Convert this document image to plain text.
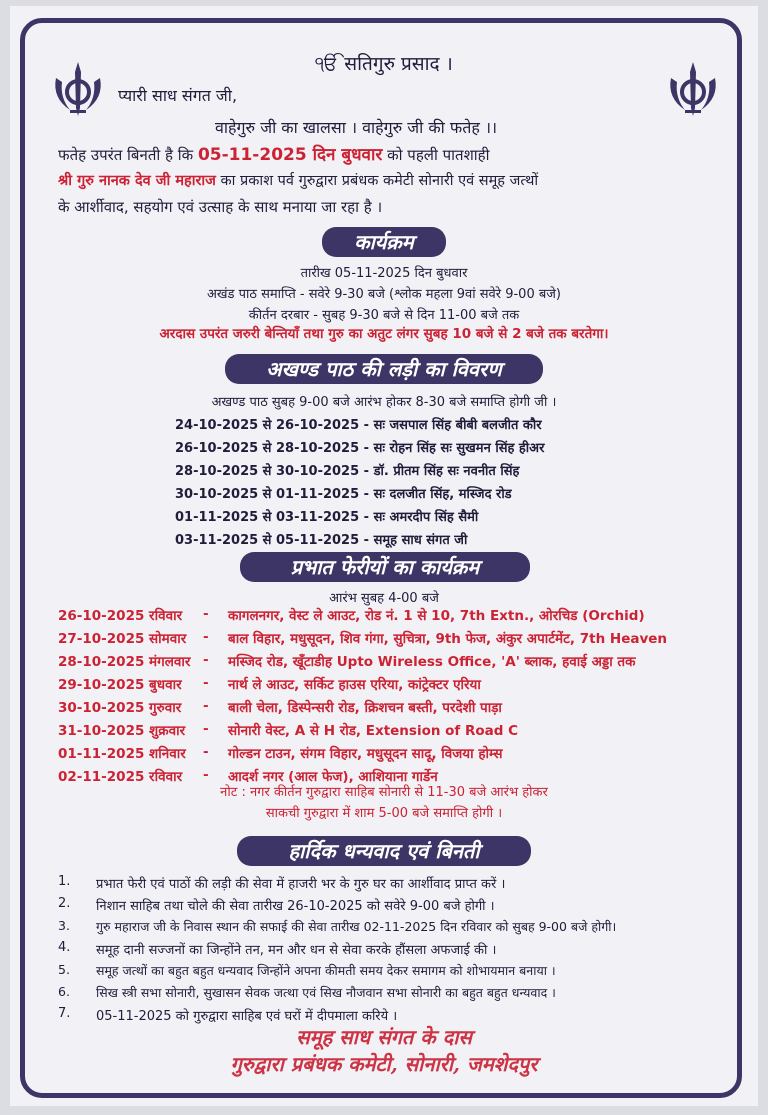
ੴ सतिगुरु प्रसाद ।
प्यारी साध संगत जी,
वाहेगुरु जी का खालसा । वाहेगुरु जी की फतेह ।।
फतेह उपरंत बिनती है कि 05-11-2025 दिन बुधवार को पहली पातशाही
श्री गुरु नानक देव जी महाराज का प्रकाश पर्व गुरुद्वारा प्रबंधक कमेटी सोनारी एवं समूह जत्थों
के आर्शीवाद, सहयोग एवं उत्साह के साथ मनाया जा रहा है ।
कार्यक्रम
तारीख 05-11-2025 दिन बुधवार
अखंड पाठ समाप्ति - सवेरे 9-30 बजे (श्लोक महला 9वां सवेरे 9-00 बजे)
कीर्तन दरबार - सुबह 9-30 बजे से दिन 11-00 बजे तक
अरदास उपरंत जरुरी बेन्तियाँ तथा गुरु का अतुट लंगर सुबह 10 बजे से 2 बजे तक बरतेगा।
अखण्ड पाठ की लड़ी का विवरण
अखण्ड पाठ सुबह 9-00 बजे आरंभ होकर 8-30 बजे समाप्ति होगी जी ।
24-10-2025 से 26-10-2025 - सः जसपाल सिंह बीबी बलजीत कौर
26-10-2025 से 28-10-2025 - सः रोहन सिंह सः सुखमन सिंह हीअर
28-10-2025 से 30-10-2025 - डॉ. प्रीतम सिंह सः नवनीत सिंह
30-10-2025 से 01-11-2025 - सः दलजीत सिंह, मस्जिद रोड
01-11-2025 से 03-11-2025 - सः अमरदीप सिंह सैमी
03-11-2025 से 05-11-2025 - समूह साध संगत जी
प्रभात फेरीयों का कार्यक्रम
आरंभ सुबह 4-00 बजे
26-10-2025 रविवार	- कागलनगर, वेस्ट ले आउट, रोड नं. 1 से 10, 7th Extn., ओरचिड (Orchid)
27-10-2025 सोमवार	- बाल विहार, मधुसूदन, शिव गंगा, सुचित्रा, 9th फेज, अंकुर अपार्टमेंट, 7th Heaven
28-10-2025 मंगलवार - मस्जिद रोड, खूँटाडीह Upto Wireless Office, 'A' ब्लाक, हवाई अड्डा तक
29-10-2025 बुधवार	- नार्थ ले आउट, सर्किट हाउस एरिया, कांट्रेक्टर एरिया
30-10-2025 गुरुवार	- बाली चेला, डिस्पेन्सरी रोड, क्रिशचन बस्ती, परदेशी पाड़ा
31-10-2025 शुक्रवार	- सोनारी वेस्ट, A से H रोड, Extension of Road C
01-11-2025 शनिवार	- गोल्डन टाउन, संगम विहार, मधुसूदन सादू, विजया होम्स
02-11-2025 रविवार	- आदर्श नगर (आल फेज), आशियाना गार्डेन
नोट : नगर कीर्तन गुरुद्वारा साहिब सोनारी से 11-30 बजे आरंभ होकर
साकची गुरुद्वारा में शाम 5-00 बजे समाप्ति होगी ।
हार्दिक धन्यवाद एवं बिनती
1. प्रभात फेरी एवं पाठों की लड़ी की सेवा में हाजरी भर के गुरु घर का आर्शीवाद प्राप्त करें ।
2. निशान साहिब तथा चोले की सेवा तारीख 26-10-2025 को सवेरे 9-00 बजे होगी ।
3. गुरु महाराज जी के निवास स्थान की सफाई की सेवा तारीख 02-11-2025 दिन रविवार को सुबह 9-00 बजे होगी।
4. समूह दानी सज्जनों का जिन्होंने तन, मन और धन से सेवा करके हौंसला अफजाई की ।
5. समूह जत्थों का बहुत बहुत धन्यवाद जिन्होंने अपना कीमती समय देकर समागम को शोभायमान बनाया ।
6. सिख स्त्री सभा सोनारी, सुखासन सेवक जत्था एवं सिख नौजवान सभा सोनारी का बहुत बहुत धन्यवाद ।
7. 05-11-2025 को गुरुद्वारा साहिब एवं घरों में दीपमाला करिये ।
समूह साध संगत के दास
गुरुद्वारा प्रबंधक कमेटी, सोनारी, जमशेदपुर
